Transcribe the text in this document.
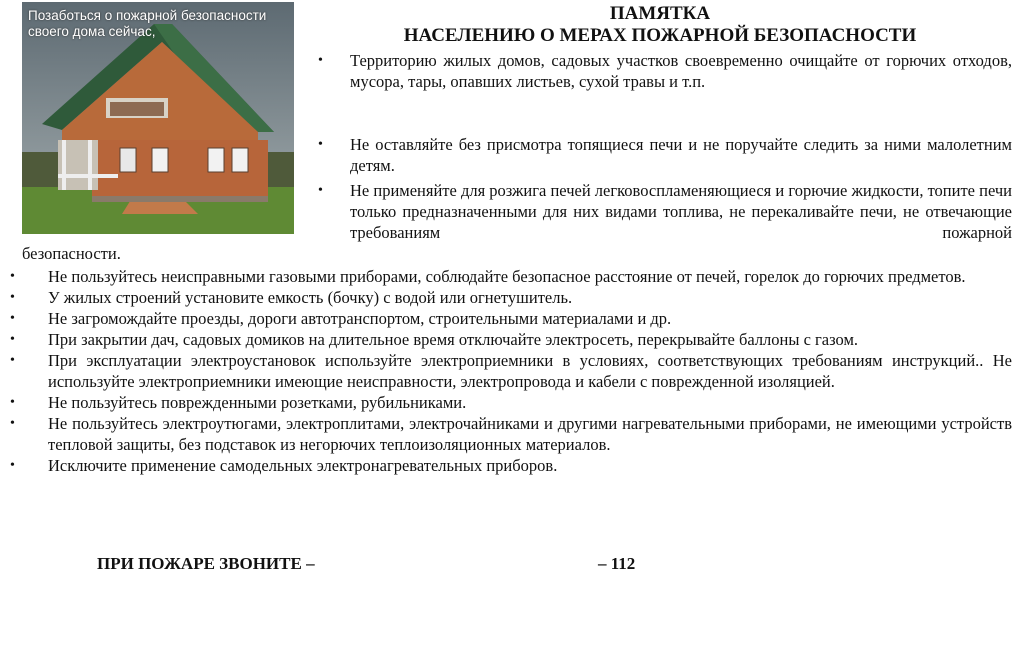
Позаботься о пожарной безопасности своего дома сейчас,
ПАМЯТКА
НАСЕЛЕНИЮ О МЕРАХ ПОЖАРНОЙ БЕЗОПАСНОСТИ
• Территорию жилых домов, садовых участков своевременно очищайте от горючих отходов, мусора, тары, опавших листьев, сухой травы и т.п.
• Не оставляйте без присмотра топящиеся печи и не поручайте следить за ними малолетним детям.
• Не применяйте для розжига печей легковоспламеняющиеся и горючие жидкости, топите печи только предназначенными для них видами топлива, не перекаливайте печи, не отвечающие требованиям пожарной
безопасности.
• Не пользуйтесь неисправными газовыми приборами, соблюдайте безопасное расстояние от печей, горелок до горючих предметов.
• У жилых строений установите емкость (бочку) с водой или огнетушитель.
• Не загромождайте проезды, дороги автотранспортом, строительными материалами и др.
• При закрытии дач, садовых домиков на длительное время отключайте электросеть, перекрывайте баллоны с газом.
• При эксплуатации электроустановок используйте электроприемники в условиях, соответствующих требованиям инструкций.. Не используйте электроприемники имеющие неисправности, электропровода и кабели с поврежденной изоляцией.
• Не пользуйтесь поврежденными розетками, рубильниками.
• Не пользуйтесь электроутюгами, электроплитами, электрочайниками и другими нагревательными приборами, не имеющими устройств тепловой защиты, без подставок из негорючих теплоизоляционных материалов.
• Исключите применение самодельных электронагревательных приборов.
ПРИ ПОЖАРЕ ЗВОНИТЕ –	– 112
